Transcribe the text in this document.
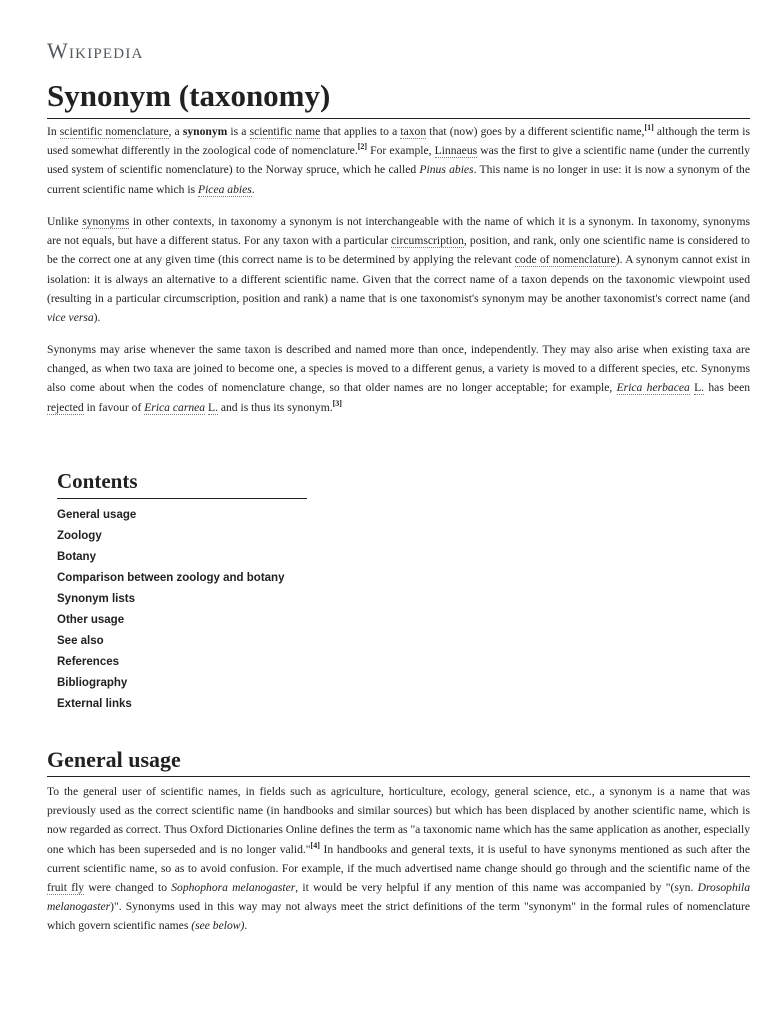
Wikipedia
Synonym (taxonomy)

In scientific nomenclature, a synonym is a scientific name that applies to a taxon that (now) goes by a different scientific name,[1] although the term is used somewhat differently in the zoological code of nomenclature.[2] For example, Linnaeus was the first to give a scientific name (under the currently used system of scientific nomenclature) to the Norway spruce, which he called Pinus abies. This name is no longer in use: it is now a synonym of the current scientific name which is Picea abies.

Unlike synonyms in other contexts, in taxonomy a synonym is not interchangeable with the name of which it is a synonym. In taxonomy, synonyms are not equals, but have a different status. For any taxon with a particular circumscription, position, and rank, only one scientific name is considered to be the correct one at any given time (this correct name is to be determined by applying the relevant code of nomenclature). A synonym cannot exist in isolation: it is always an alternative to a different scientific name. Given that the correct name of a taxon depends on the taxonomic viewpoint used (resulting in a particular circumscription, position and rank) a name that is one taxonomist's synonym may be another taxonomist's correct name (and vice versa).

Synonyms may arise whenever the same taxon is described and named more than once, independently. They may also arise when existing taxa are changed, as when two taxa are joined to become one, a species is moved to a different genus, a variety is moved to a different species, etc. Synonyms also come about when the codes of nomenclature change, so that older names are no longer acceptable; for example, Erica herbacea L. has been rejected in favour of Erica carnea L. and is thus its synonym.[3]

Contents
General usage
Zoology
Botany
Comparison between zoology and botany
Synonym lists
Other usage
See also
References
Bibliography
External links
General usage

To the general user of scientific names, in fields such as agriculture, horticulture, ecology, general science, etc., a synonym is a name that was previously used as the correct scientific name (in handbooks and similar sources) but which has been displaced by another scientific name, which is now regarded as correct. Thus Oxford Dictionaries Online defines the term as "a taxonomic name which has the same application as another, especially one which has been superseded and is no longer valid."[4] In handbooks and general texts, it is useful to have synonyms mentioned as such after the current scientific name, so as to avoid confusion. For example, if the much advertised name change should go through and the scientific name of the fruit fly were changed to Sophophora melanogaster, it would be very helpful if any mention of this name was accompanied by "(syn. Drosophila melanogaster)". Synonyms used in this way may not always meet the strict definitions of the term "synonym" in the formal rules of nomenclature which govern scientific names (see below).
